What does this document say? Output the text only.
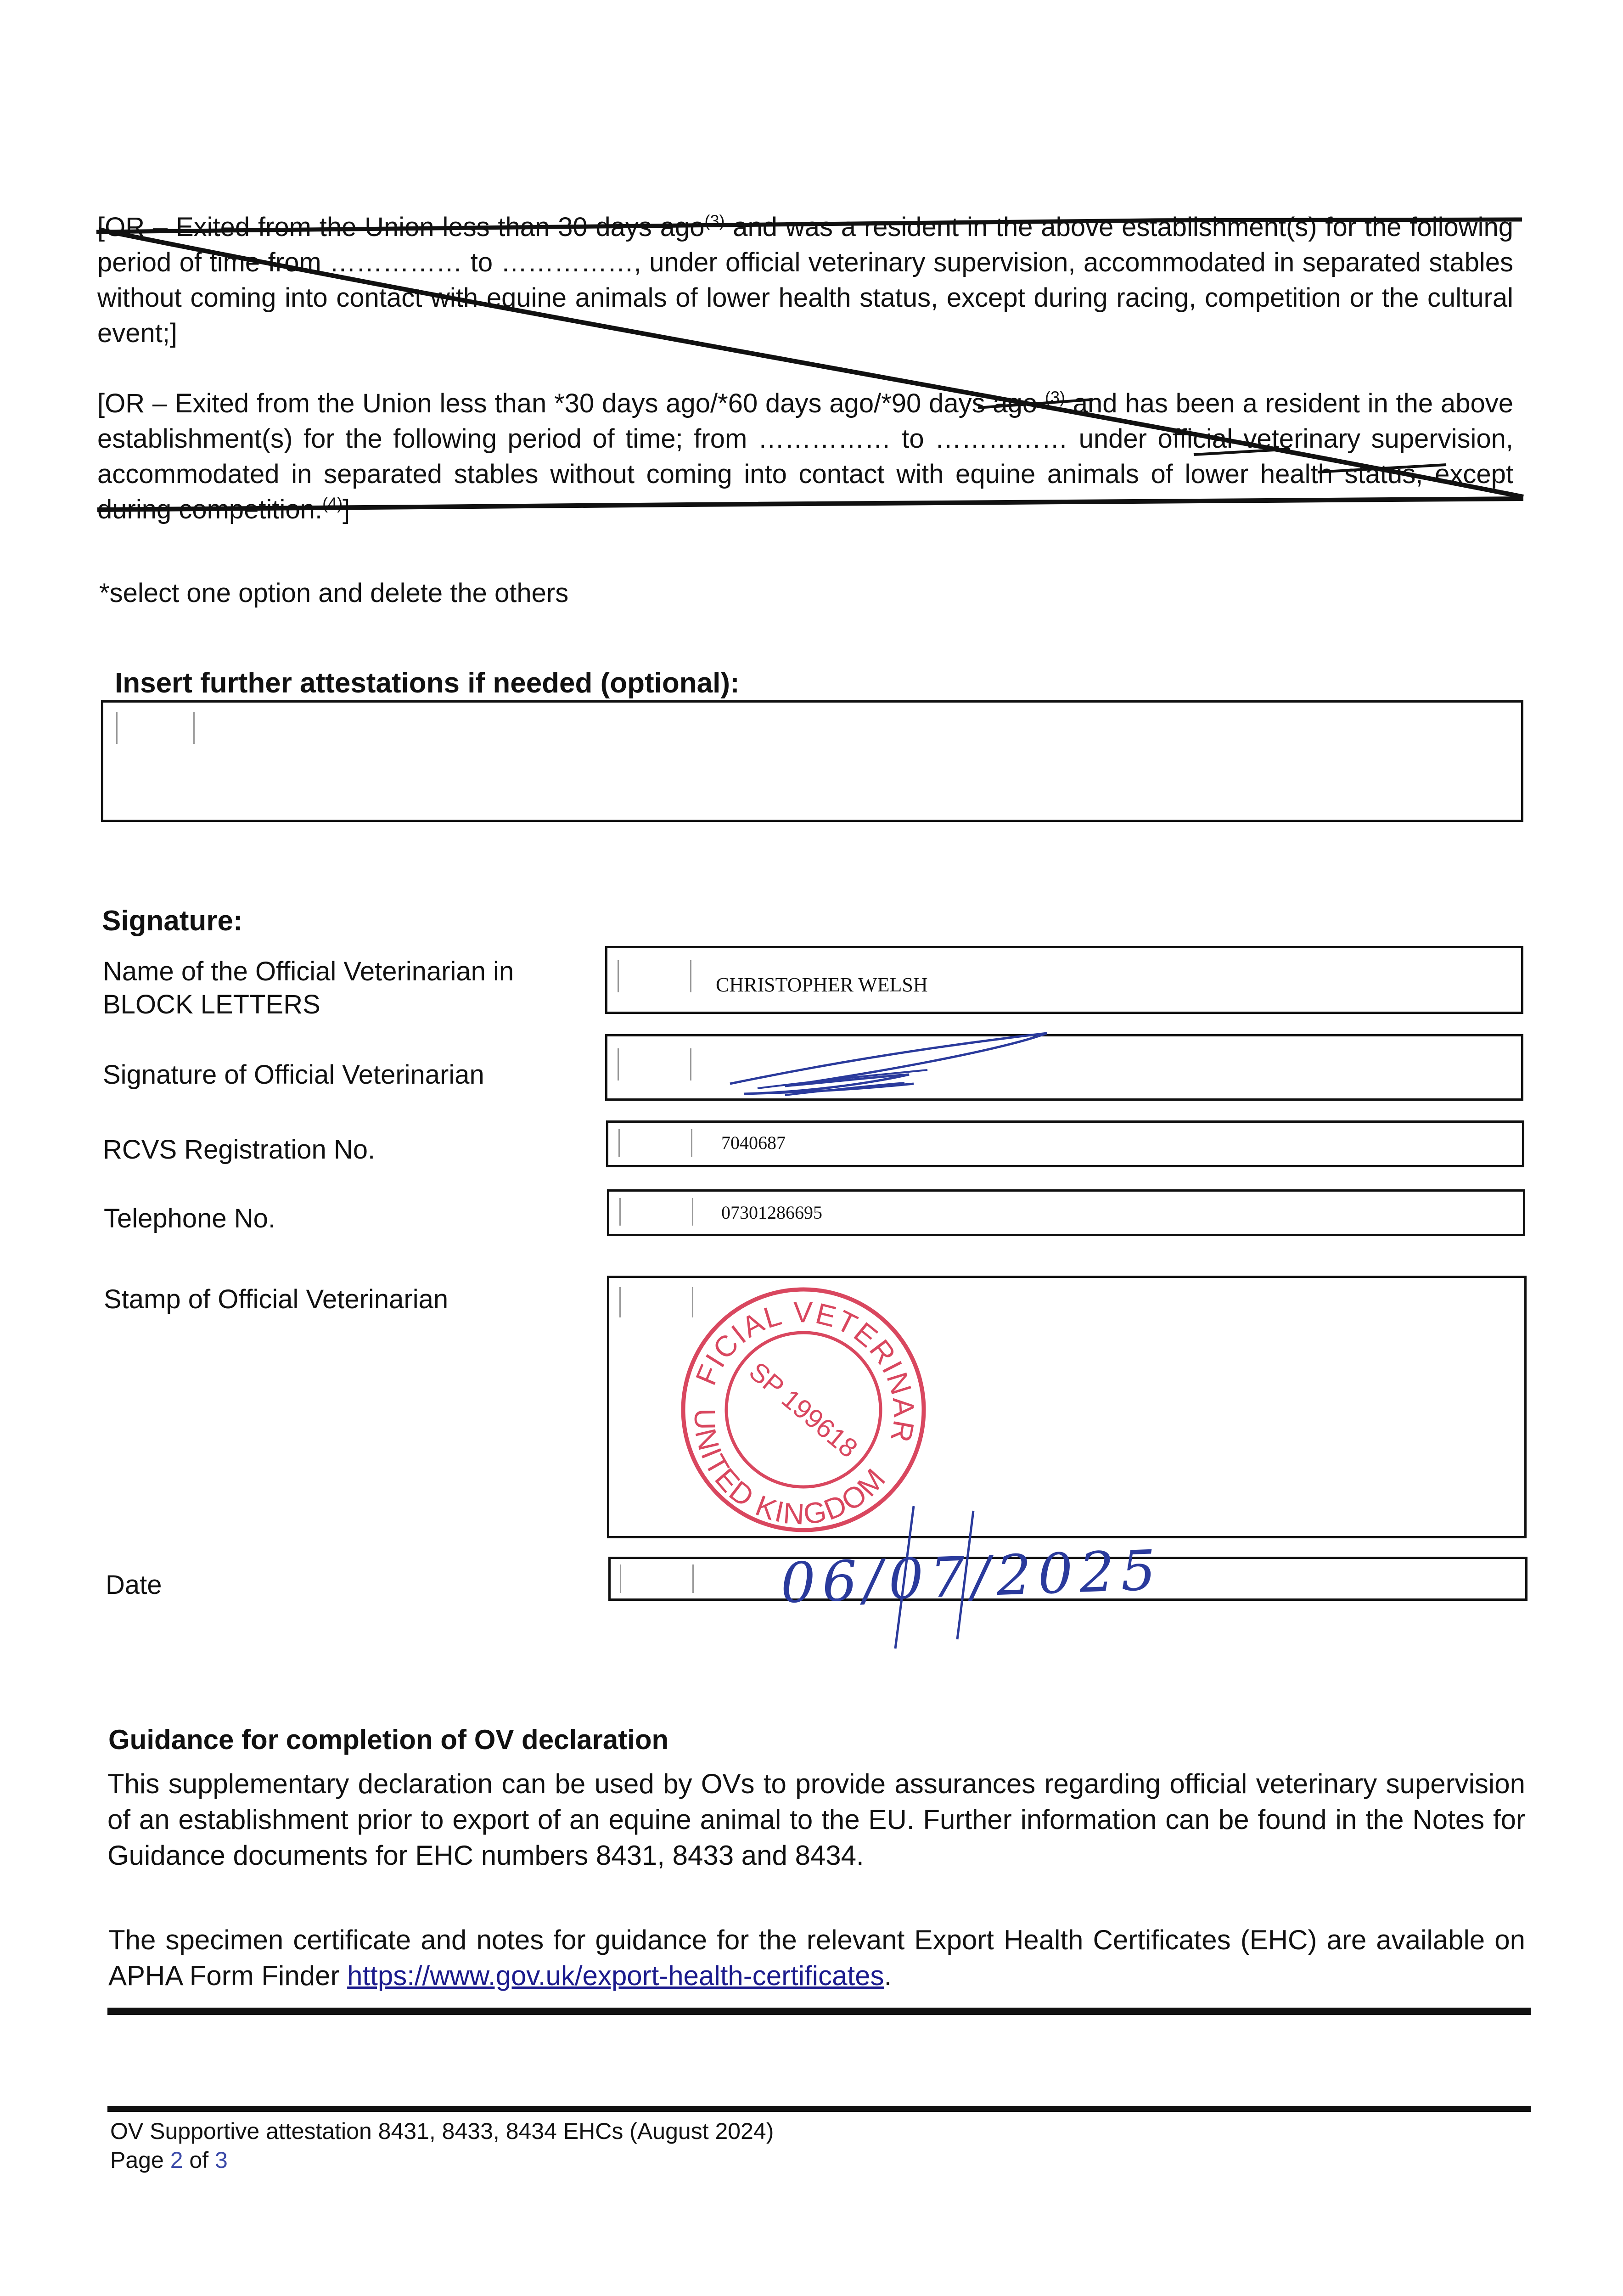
[OR – Exited from the Union less than 30 days ago$^{(3)}$ and was a resident in the above establishment(s) for the following period of time from …………… to ……………, under official veterinary supervision, accommodated in separated stables without coming into contact with equine animals of lower health status, except during racing, competition or the cultural event;]
[OR – Exited from the Union less than *30 days ago/*60 days ago/*90 days ago $^{(3)}$ and has been a resident in the above establishment(s) for the following period of time; from …………… to …………… under official veterinary supervision, accommodated in separated stables without coming into contact with equine animals of lower health status, except during competition.$^{(4)}$]
*select one option and delete the others
Insert further attestations if needed (optional):
Signature:
Name of the Official Veterinarian in BLOCK LETTERS
CHRISTOPHER WELSH
Signature of Official Veterinarian
RCVS Registration No.	7040687
Telephone No.	07301286695
Stamp of Official Veterinarian
OFFICIAL VETERINARIAN
UNITED KINGDOM
SP 199618
Date	06/07/2025
Guidance for completion of OV declaration
This supplementary declaration can be used by OVs to provide assurances regarding official veterinary supervision of an establishment prior to export of an equine animal to the EU. Further information can be found in the Notes for Guidance documents for EHC numbers 8431, 8433 and 8434.
The specimen certificate and notes for guidance for the relevant Export Health Certificates (EHC) are available on APHA Form Finder https://www.gov.uk/export-health-certificates.
OV Supportive attestation 8431, 8433, 8434 EHCs (August 2024)
Page 2 of 3
